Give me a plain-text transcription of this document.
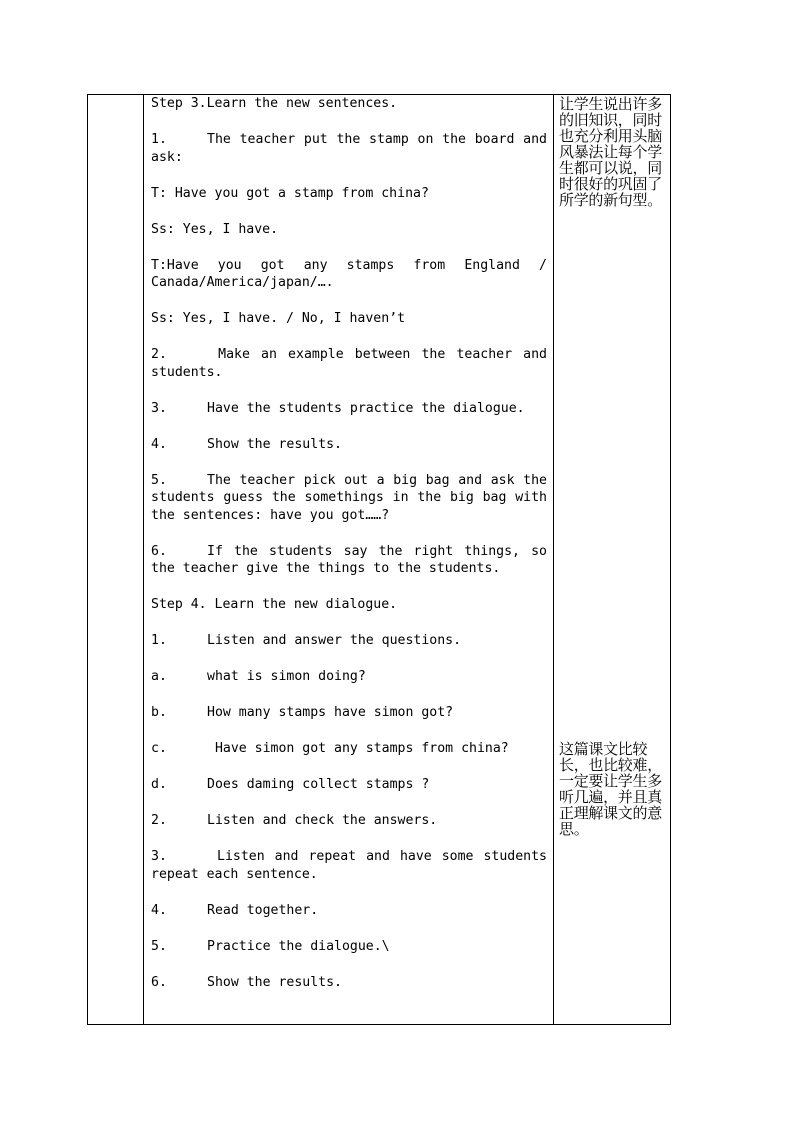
Step 3.Learn the new sentences.

1.	The teacher put the stamp on the board and ask:

T: Have you got a stamp from china?

Ss: Yes, I have.

T:Have you got any stamps from England / Canada/America/japan/….

Ss: Yes, I have. / No, I haven’t

2.	Make an example between the teacher and students.

3.	Have the students practice the dialogue.

4.	Show the results.

5.	The teacher pick out a big bag and ask the students guess the somethings in the big bag with the sentences: have you got……?

6.	If the students say the right things, so the teacher give the things to the students.

Step 4. Learn the new dialogue.

1.	Listen and answer the questions.

a.	what is simon doing?

b.	How many stamps have simon got?

c.	Have simon got any stamps from china?

d.	Does daming collect stamps ?

2.	Listen and check the answers.

3.	Listen and repeat and have some students repeat each sentence.

4.	Read together.

5.	Practice the dialogue.\

6.	Show the results.

让学生说出许多的旧知识，同时也充分利用头脑风暴法让每个学生都可以说，同时很好的巩固了所学的新句型。
这篇课文比较长，也比较难，一定要让学生多听几遍，并且真正理解课文的意思。
